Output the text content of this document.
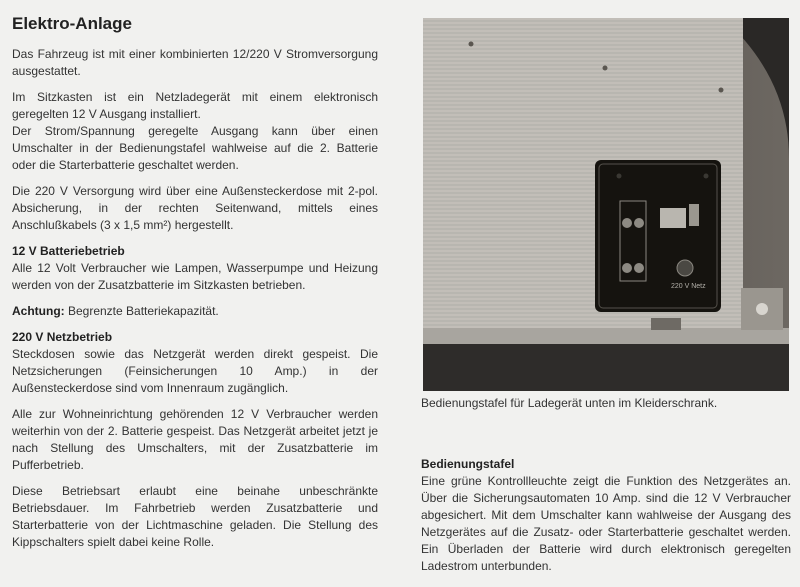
Elektro-Anlage

Das Fahrzeug ist mit einer kombinierten 12/220 V Stromversorgung ausgestattet.

Im Sitzkasten ist ein Netzladegerät mit einem elektronisch geregelten 12 V Ausgang installiert.

Der Strom/Spannung geregelte Ausgang kann über einen Umschalter in der Bedienungstafel wahlweise auf die 2. Batterie oder die Starterbatterie geschaltet werden.

Die 220 V Versorgung wird über eine Außensteckerdose mit 2-pol. Absicherung, in der rechten Seitenwand, mittels eines Anschlußkabels (3 x 1,5 mm²) hergestellt.

12 V Batteriebetrieb

Alle 12 Volt Verbraucher wie Lampen, Wasserpumpe und Heizung werden von der Zusatzbatterie im Sitzkasten betrieben.

Achtung: Begrenzte Batteriekapazität.

220 V Netzbetrieb

Steckdosen sowie das Netzgerät werden direkt gespeist. Die Netzsicherungen (Feinsicherungen 10 Amp.) in der Außensteckerdose sind vom Innenraum zugänglich.

Alle zur Wohneinrichtung gehörenden 12 V Verbraucher werden weiterhin von der 2. Batterie gespeist. Das Netzgerät arbeitet jetzt je nach Stellung des Umschalters, mit der Zusatzbatterie im Pufferbetrieb.

Diese Betriebsart erlaubt eine beinahe unbeschränkte Betriebsdauer. Im Fahrbetrieb werden Zusatzbatterie und Starterbatterie von der Lichtmaschine geladen. Die Stellung des Kippschalters spielt dabei keine Rolle.

220 V Netz
Bedienungstafel für Ladegerät unten im Kleiderschrank.
Bedienungstafel

Eine grüne Kontrollleuchte zeigt die Funktion des Netzgerätes an. Über die Sicherungsautomaten 10 Amp. sind die 12 V Verbraucher abgesichert. Mit dem Umschalter kann wahlweise der Ausgang des Netzgerätes auf die Zusatz- oder Starterbatterie geschaltet werden. Ein Überladen der Batterie wird durch elektronisch geregelten Ladestrom unterbunden.
